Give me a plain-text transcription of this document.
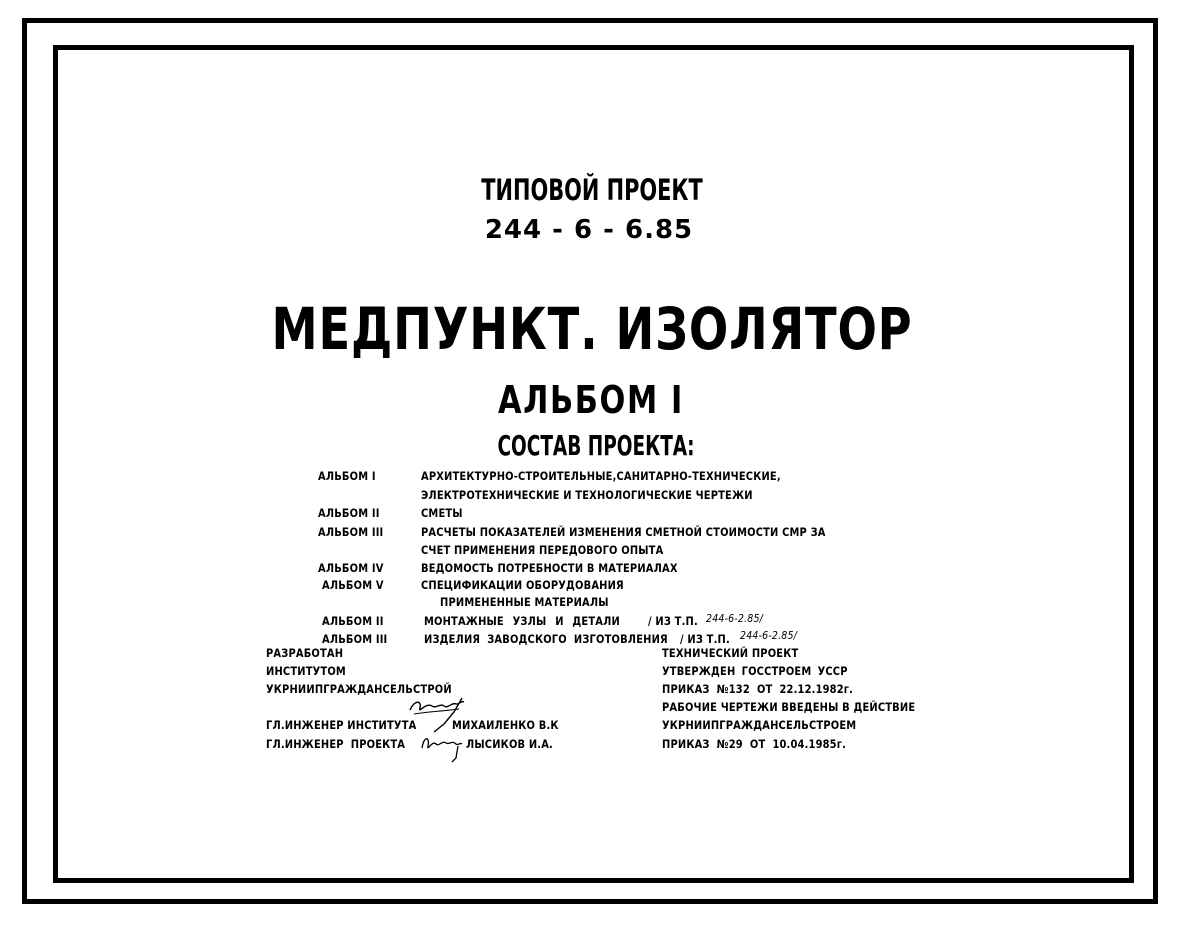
ТИПОВОЙ ПРОЕКТ
244 - 6 - 6.85
МЕДПУНКТ. ИЗОЛЯТОР
АЛЬБОМ I
СОСТАВ ПРОЕКТА:
АЛЬБОМ I	АРХИТЕКТУРНО-СТРОИТЕЛЬНЫЕ,САНИТАРНО-ТЕХНИЧЕСКИЕ,
ЭЛЕКТРОТЕХНИЧЕСКИЕ И ТЕХНОЛОГИЧЕСКИЕ ЧЕРТЕЖИ
АЛЬБОМ II	СМЕТЫ
АЛЬБОМ III	РАСЧЕТЫ ПОКАЗАТЕЛЕЙ ИЗМЕНЕНИЯ СМЕТНОЙ СТОИМОСТИ СМР ЗА
СЧЕТ ПРИМЕНЕНИЯ ПЕРЕДОВОГО ОПЫТА
АЛЬБОМ IV	ВЕДОМОСТЬ ПОТРЕБНОСТИ В МАТЕРИАЛАХ
АЛЬБОМ V	СПЕЦИФИКАЦИИ ОБОРУДОВАНИЯ
ПРИМЕНЕННЫЕ МАТЕРИАЛЫ
АЛЬБОМ II	МОНТАЖНЫЕ УЗЛЫ И ДЕТАЛИ / ИЗ Т.П. 244-6-2.85/
АЛЬБОМ III	ИЗДЕЛИЯ ЗАВОДСКОГО ИЗГОТОВЛЕНИЯ / ИЗ Т.П. 244-6-2.85/
РАЗРАБОТАН
ИНСТИТУТОМ
УКРНИИПГРАЖДАНСЕЛЬСТРОЙ
ГЛ.ИНЖЕНЕР ИНСТИТУТА	МИХАИЛЕНКО В.К
ГЛ.ИНЖЕНЕР ПРОЕКТА	ЛЫСИКОВ И.А.
ТЕХНИЧЕСКИЙ ПРОЕКТ
УТВЕРЖДЕН ГОССТРОЕМ УССР
ПРИКАЗ №132 ОТ 22.12.1982г.
РАБОЧИЕ ЧЕРТЕЖИ ВВЕДЕНЫ В ДЕЙСТВИЕ
УКРНИИПГРАЖДАНСЕЛЬСТРОЕМ
ПРИКАЗ №29 ОТ 10.04.1985г.
